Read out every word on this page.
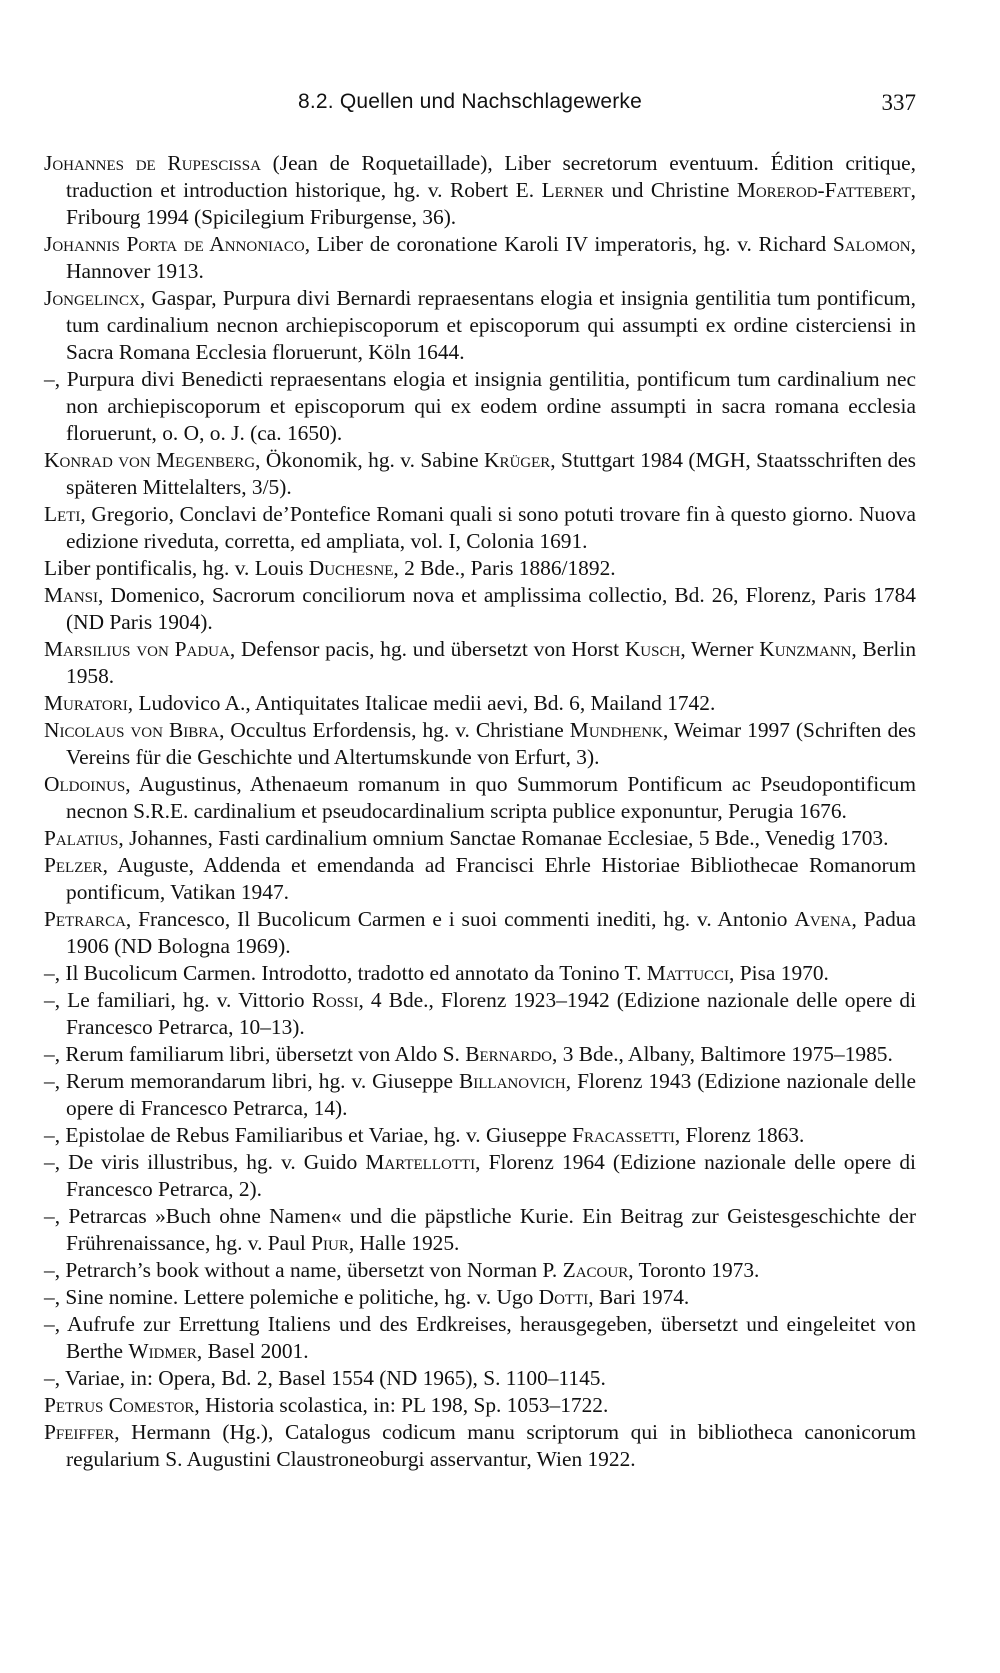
8.2. Quellen und Nachschlagewerke	337
Johannes de Rupescissa (Jean de Roquetaillade), Liber secretorum eventuum. Édition critique, traduction et introduction historique, hg. v. Robert E. Lerner und Christine Morerod-Fattebert, Fribourg 1994 (Spicilegium Friburgense, 36).
Johannis Porta de Annoniaco, Liber de coronatione Karoli IV imperatoris, hg. v. Richard Salomon, Hannover 1913.
Jongelincx, Gaspar, Purpura divi Bernardi repraesentans elogia et insignia gentilitia tum pontificum, tum cardinalium necnon archiepiscoporum et episcoporum qui assumpti ex ordine cisterciensi in Sacra Romana Ecclesia floruerunt, Köln 1644.
–, Purpura divi Benedicti repraesentans elogia et insignia gentilitia, pontificum tum cardinalium nec non archiepiscoporum et episcoporum qui ex eodem ordine assumpti in sacra romana ecclesia floruerunt, o. O, o. J. (ca. 1650).
Konrad von Megenberg, Ökonomik, hg. v. Sabine Krüger, Stuttgart 1984 (MGH, Staatsschriften des späteren Mittelalters, 3/5).
Leti, Gregorio, Conclavi de’Pontefice Romani quali si sono potuti trovare fin à questo giorno. Nuova edizione riveduta, corretta, ed ampliata, vol. I, Colonia 1691.
Liber pontificalis, hg. v. Louis Duchesne, 2 Bde., Paris 1886/1892.
Mansi, Domenico, Sacrorum conciliorum nova et amplissima collectio, Bd. 26, Florenz, Paris 1784 (ND Paris 1904).
Marsilius von Padua, Defensor pacis, hg. und übersetzt von Horst Kusch, Werner Kunzmann, Berlin 1958.
Muratori, Ludovico A., Antiquitates Italicae medii aevi, Bd. 6, Mailand 1742.
Nicolaus von Bibra, Occultus Erfordensis, hg. v. Christiane Mundhenk, Weimar 1997 (Schriften des Vereins für die Geschichte und Altertumskunde von Erfurt, 3).
Oldoinus, Augustinus, Athenaeum romanum in quo Summorum Pontificum ac Pseudopontificum necnon S.R.E. cardinalium et pseudocardinalium scripta publice exponuntur, Perugia 1676.
Palatius, Johannes, Fasti cardinalium omnium Sanctae Romanae Ecclesiae, 5 Bde., Venedig 1703.
Pelzer, Auguste, Addenda et emendanda ad Francisci Ehrle Historiae Bibliothecae Romanorum pontificum, Vatikan 1947.
Petrarca, Francesco, Il Bucolicum Carmen e i suoi commenti inediti, hg. v. Antonio Avena, Padua 1906 (ND Bologna 1969).
–, Il Bucolicum Carmen. Introdotto, tradotto ed annotato da Tonino T. Mattucci, Pisa 1970.
–, Le familiari, hg. v. Vittorio Rossi, 4 Bde., Florenz 1923–1942 (Edizione nazionale delle opere di Francesco Petrarca, 10–13).
–, Rerum familiarum libri, übersetzt von Aldo S. Bernardo, 3 Bde., Albany, Baltimore 1975–1985.
–, Rerum memorandarum libri, hg. v. Giuseppe Billanovich, Florenz 1943 (Edizione nazionale delle opere di Francesco Petrarca, 14).
–, Epistolae de Rebus Familiaribus et Variae, hg. v. Giuseppe Fracassetti, Florenz 1863.
–, De viris illustribus, hg. v. Guido Martellotti, Florenz 1964 (Edizione nazionale delle opere di Francesco Petrarca, 2).
–, Petrarcas »Buch ohne Namen« und die päpstliche Kurie. Ein Beitrag zur Geistesgeschichte der Frührenaissance, hg. v. Paul Piur, Halle 1925.
–, Petrarch’s book without a name, übersetzt von Norman P. Zacour, Toronto 1973.
–, Sine nomine. Lettere polemiche e politiche, hg. v. Ugo Dotti, Bari 1974.
–, Aufrufe zur Errettung Italiens und des Erdkreises, herausgegeben, übersetzt und eingeleitet von Berthe Widmer, Basel 2001.
–, Variae, in: Opera, Bd. 2, Basel 1554 (ND 1965), S. 1100–1145.
Petrus Comestor, Historia scolastica, in: PL 198, Sp. 1053–1722.
Pfeiffer, Hermann (Hg.), Catalogus codicum manu scriptorum qui in bibliotheca canonicorum regularium S. Augustini Claustroneoburgi asservantur, Wien 1922.
